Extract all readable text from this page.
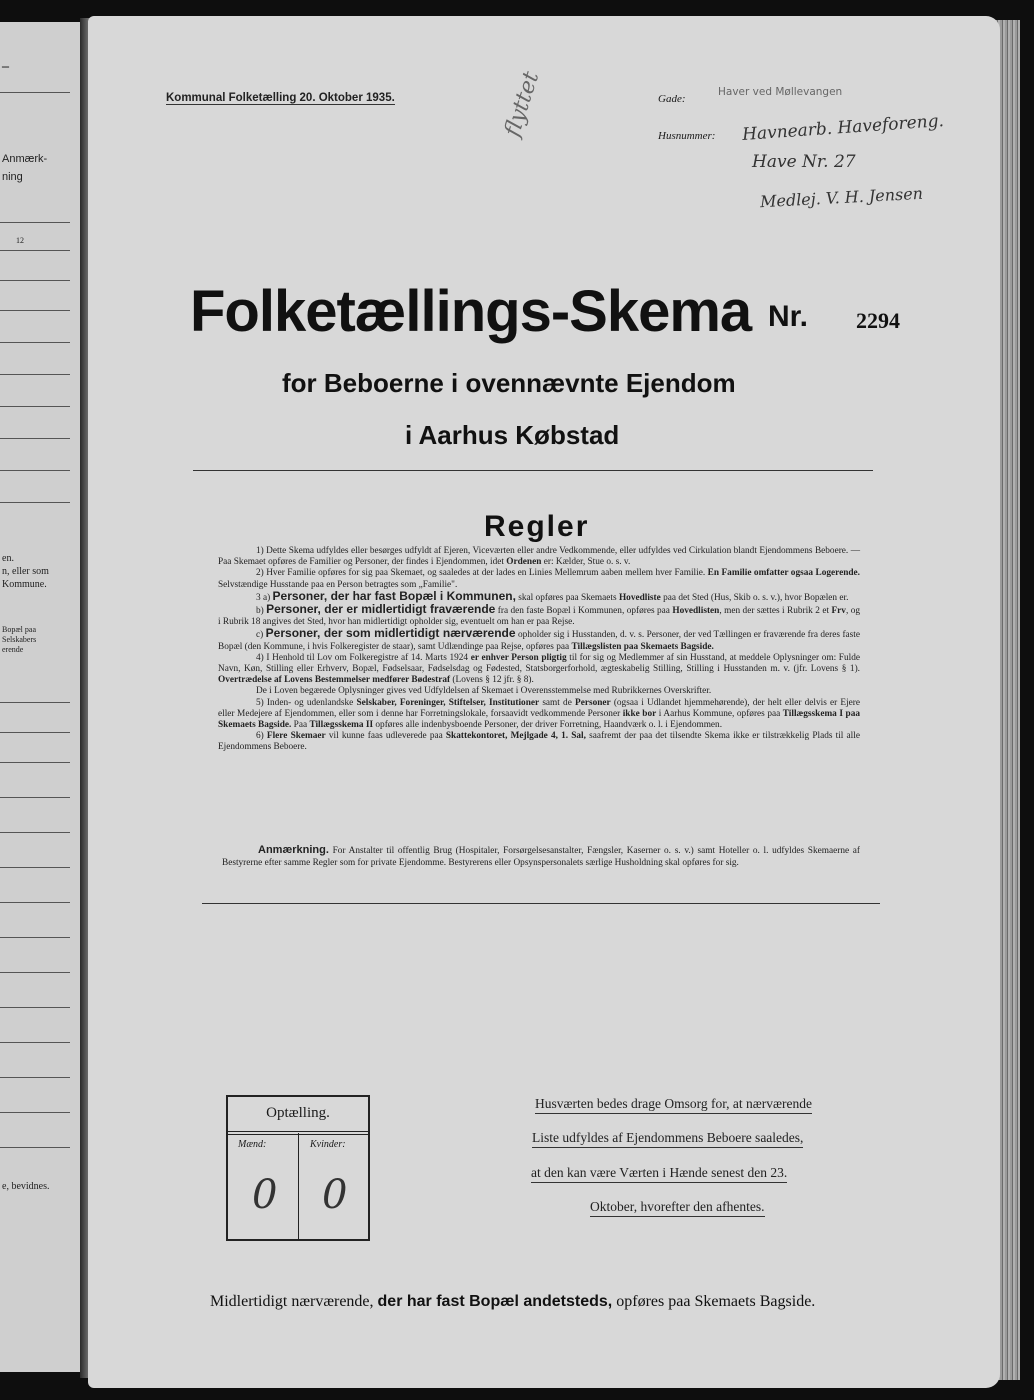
–
Anmærk-
ning
12
en.
n, eller som
Kommune.
Bopæl paa
Selskabers
erende
e, bevidnes.
Kommunal Folketælling 20. Oktober 1935.	Gade:
Haver ved Møllevangen
Husnummer: Havnearb. Haveforeng.
Have Nr. 27
Medlej. V. H. Jensen
flyttet
Folketællings-Skema Nr. 2294
for Beboerne i ovennævnte Ejendom
i Aarhus Købstad
Regler

1) Dette Skema udfyldes eller besørges udfyldt af Ejeren, Viceværten eller andre Vedkommende, eller udfyldes ved Cirkulation blandt Ejendommens Beboere. — Paa Skemaet opføres de Familier og Personer, der findes i Ejendommen, idet Ordenen er: Kælder, Stue o. s. v.

2) Hver Familie opføres for sig paa Skemaet, og saaledes at der lades en Linies Mellemrum aaben mellem hver Familie. En Familie omfatter ogsaa Logerende. Selvstændige Husstande paa en Person betragtes som „Familie".

3 a) Personer, der har fast Bopæl i Kommunen, skal opføres paa Skemaets Hovedliste paa det Sted (Hus, Skib o. s. v.), hvor Bopælen er.

b) Personer, der er midlertidigt fraværende fra den faste Bopæl i Kommunen, opføres paa Hovedlisten, men der sættes i Rubrik 2 et Frv, og i Rubrik 18 angives det Sted, hvor han midlertidigt opholder sig, eventuelt om han er paa Rejse.

c) Personer, der som midlertidigt nærværende opholder sig i Husstanden, d. v. s. Personer, der ved Tællingen er fraværende fra deres faste Bopæl (den Kommune, i hvis Folkeregister de staar), samt Udlændinge paa Rejse, opføres paa Tillægslisten paa Skemaets Bagside.

4) I Henhold til Lov om Folkeregistre af 14. Marts 1924 er enhver Person pligtig til for sig og Medlemmer af sin Husstand, at meddele Oplysninger om: Fulde Navn, Køn, Stilling eller Erhverv, Bopæl, Fødselsaar, Fødselsdag og Fødested, Statsborgerforhold, ægteskabelig Stilling, Stilling i Husstanden m. v. (jfr. Lovens § 1). Overtrædelse af Lovens Bestemmelser medfører Bødestraf (Lovens § 12 jfr. § 8).

De i Loven begærede Oplysninger gives ved Udfyldelsen af Skemaet i Overensstemmelse med Rubrikkernes Overskrifter.

5) Inden- og udenlandske Selskaber, Foreninger, Stiftelser, Institutioner samt de Personer (ogsaa i Udlandet hjemmehørende), der helt eller delvis er Ejere eller Medejere af Ejendommen, eller som i denne har Forretningslokale, forsaavidt vedkommende Personer ikke bor i Aarhus Kommune, opføres paa Tillægsskema I paa Skemaets Bagside. Paa Tillægsskema II opføres alle indenbysboende Personer, der driver Forretning, Haandværk o. l. i Ejendommen.

6) Flere Skemaer vil kunne faas udleverede paa Skattekontoret, Mejlgade 4, 1. Sal, saafremt der paa det tilsendte Skema ikke er tilstrækkelig Plads til alle Ejendommens Beboere.

Anmærkning. For Anstalter til offentlig Brug (Hospitaler, Forsørgelsesanstalter, Fængsler, Kaserner o. s. v.) samt Hoteller o. l. udfyldes Skemaerne af Bestyrerne efter samme Regler som for private Ejendomme. Bestyrerens eller Opsynspersonalets særlige Husholdning skal opføres for sig.
Optælling.
Mænd:	Kvinder:
0 0
Husværten bedes drage Omsorg for, at nærværende
Liste udfyldes af Ejendommens Beboere saaledes,
at den kan være Værten i Hænde senest den 23.
Oktober, hvorefter den afhentes.
Midlertidigt nærværende, der har fast Bopæl andetsteds, opføres paa Skemaets Bagside.
